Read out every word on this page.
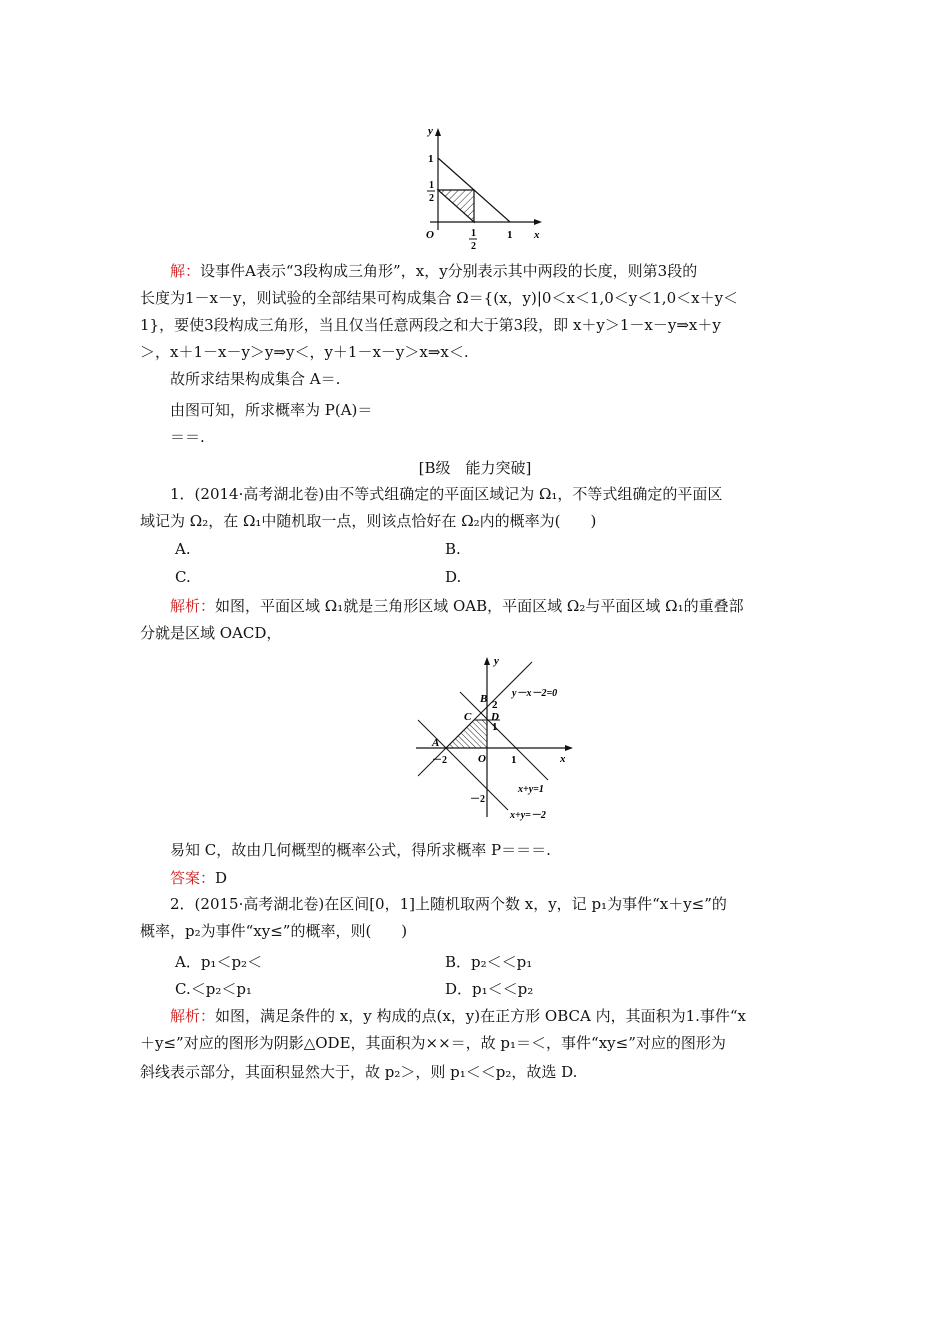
y
x
O
1
1
2
1
2
1
解：设事件A表示“3段构成三角形”，x，y分别表示其中两段的长度，则第3段的
长度为1－x－y，则试验的全部结果可构成集合 Ω＝{(x，y)|0＜x＜1,0＜y＜1,0＜x＋y＜
1}，要使3段构成三角形，当且仅当任意两段之和大于第3段，即 x＋y＞1－x－y⇒x＋y
＞，x＋1－x－y＞y⇒y＜，y＋1－x－y＞x⇒x＜.
故所求结果构成集合 A＝.
由图可知，所求概率为 P(A)＝
＝＝.
[B级　能力突破]
1．(2014·高考湖北卷)由不等式组确定的平面区域记为 Ω₁，不等式组确定的平面区
域记为 Ω₂，在 Ω₁中随机取一点，则该点恰好在 Ω₂内的概率为(　　)
A.	B.
C.	D.
解析：如图，平面区域 Ω₁就是三角形区域 OAB，平面区域 Ω₂与平面区域 Ω₁的重叠部
分就是区域 OACD，
y
x
O
A
B
C D
2
1
y－x－2=0
－2	1
x+y=1
－2
x+y=－2
易知 C，故由几何概型的概率公式，得所求概率 P＝＝＝.
答案：D
2．(2015·高考湖北卷)在区间[0，1]上随机取两个数 x，y，记 p₁为事件“x＋y≤”的
概率，p₂为事件“xy≤”的概率，则(　　)
A．p₁＜p₂＜	B．p₂＜＜p₁
C.＜p₂＜p₁	D．p₁＜＜p₂
解析：如图，满足条件的 x，y 构成的点(x，y)在正方形 OBCA 内，其面积为1.事件“x
＋y≤”对应的图形为阴影△ODE，其面积为××＝，故 p₁＝＜，事件“xy≤”对应的图形为
斜线表示部分，其面积显然大于，故 p₂＞，则 p₁＜＜p₂，故选 D.
